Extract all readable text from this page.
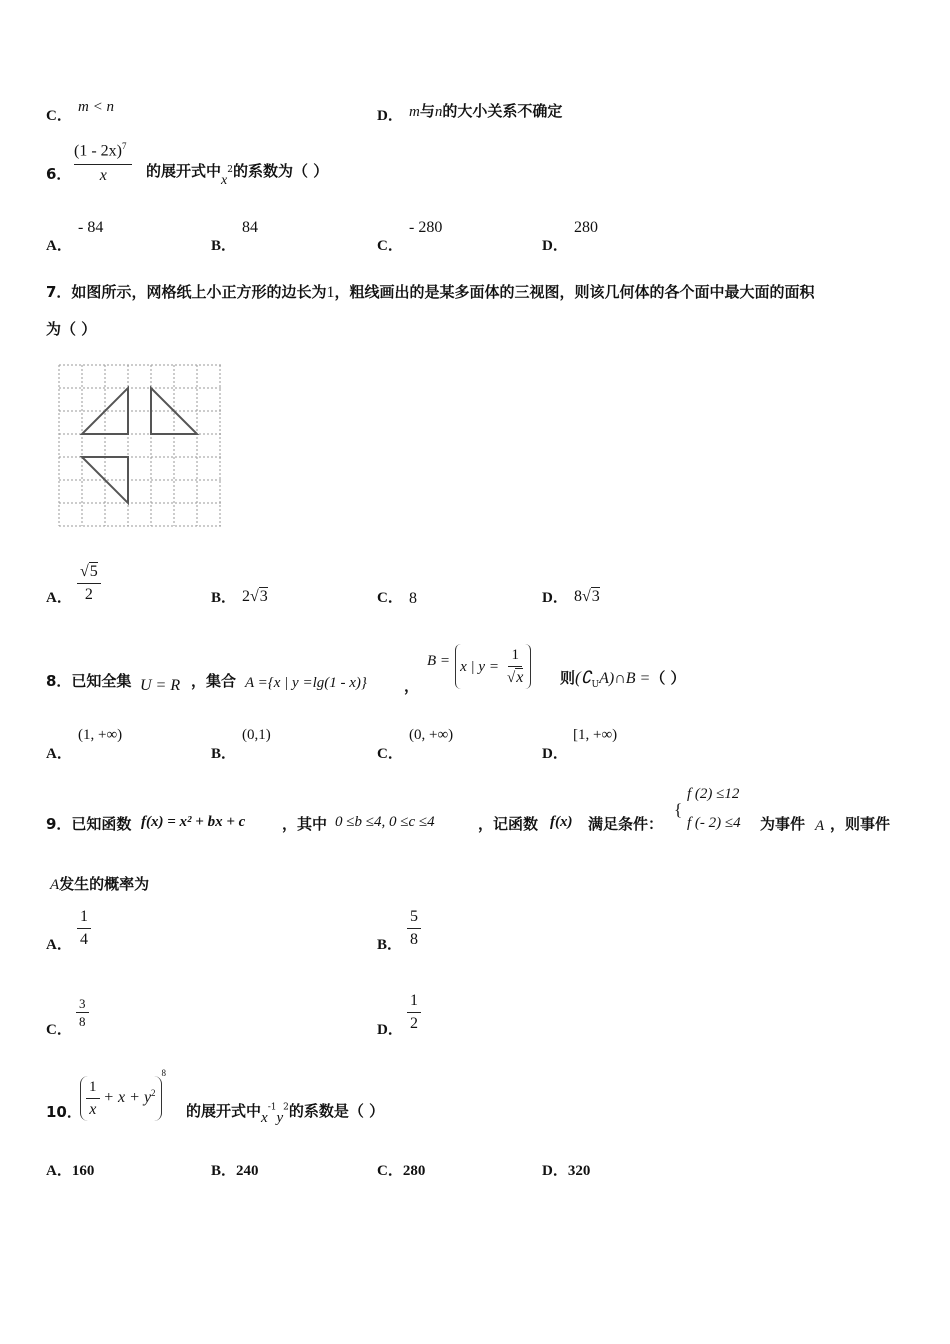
C．
m < n
D． m与n的大小关系不确定
6． $\frac{(1 - 2x)^7}{x}$ 的展开式中$x^2$的系数为（ ）
A．
- 84
B．
84
C．
- 280
D．
280
7．如图所示，网格纸上小正方形的边长为1，粗线画出的是某多面体的三视图，则该几何体的各个面中最大面的面积
为（ ）
A． $\frac{√5}{2}$	B． 2√3	C． 8	D． 8√3
8．已知全集 U = R ，集合 A ={x | y =lg(1 - x)} ，
B = x | $y = \frac{1}{√x}$ 则$(∁_UA)\cap B$ =（ ）
A．
(1, +∞)
B．
(0,1)
C．
(0, +∞)
D．
[1, +∞)
9．已知函数 f(x) = x² + bx + c ，其中 0 ≤b ≤4, 0 ≤c ≤4	，记函数 f(x) 满足条件：
{
f (2) ≤12
f (- 2) ≤4 为事件 A ，则事件
A发生的概率为
A． $\frac{1}{4}$	B． $\frac{5}{8}$
C． $\frac{3}{8}$	D． $\frac{1}{2}$
10． $\frac{1}{x} + x + y^{28}$
的展开式中$x^{-1}y^2$的系数是（ ）
A．160	B．240	C．280	D．320
